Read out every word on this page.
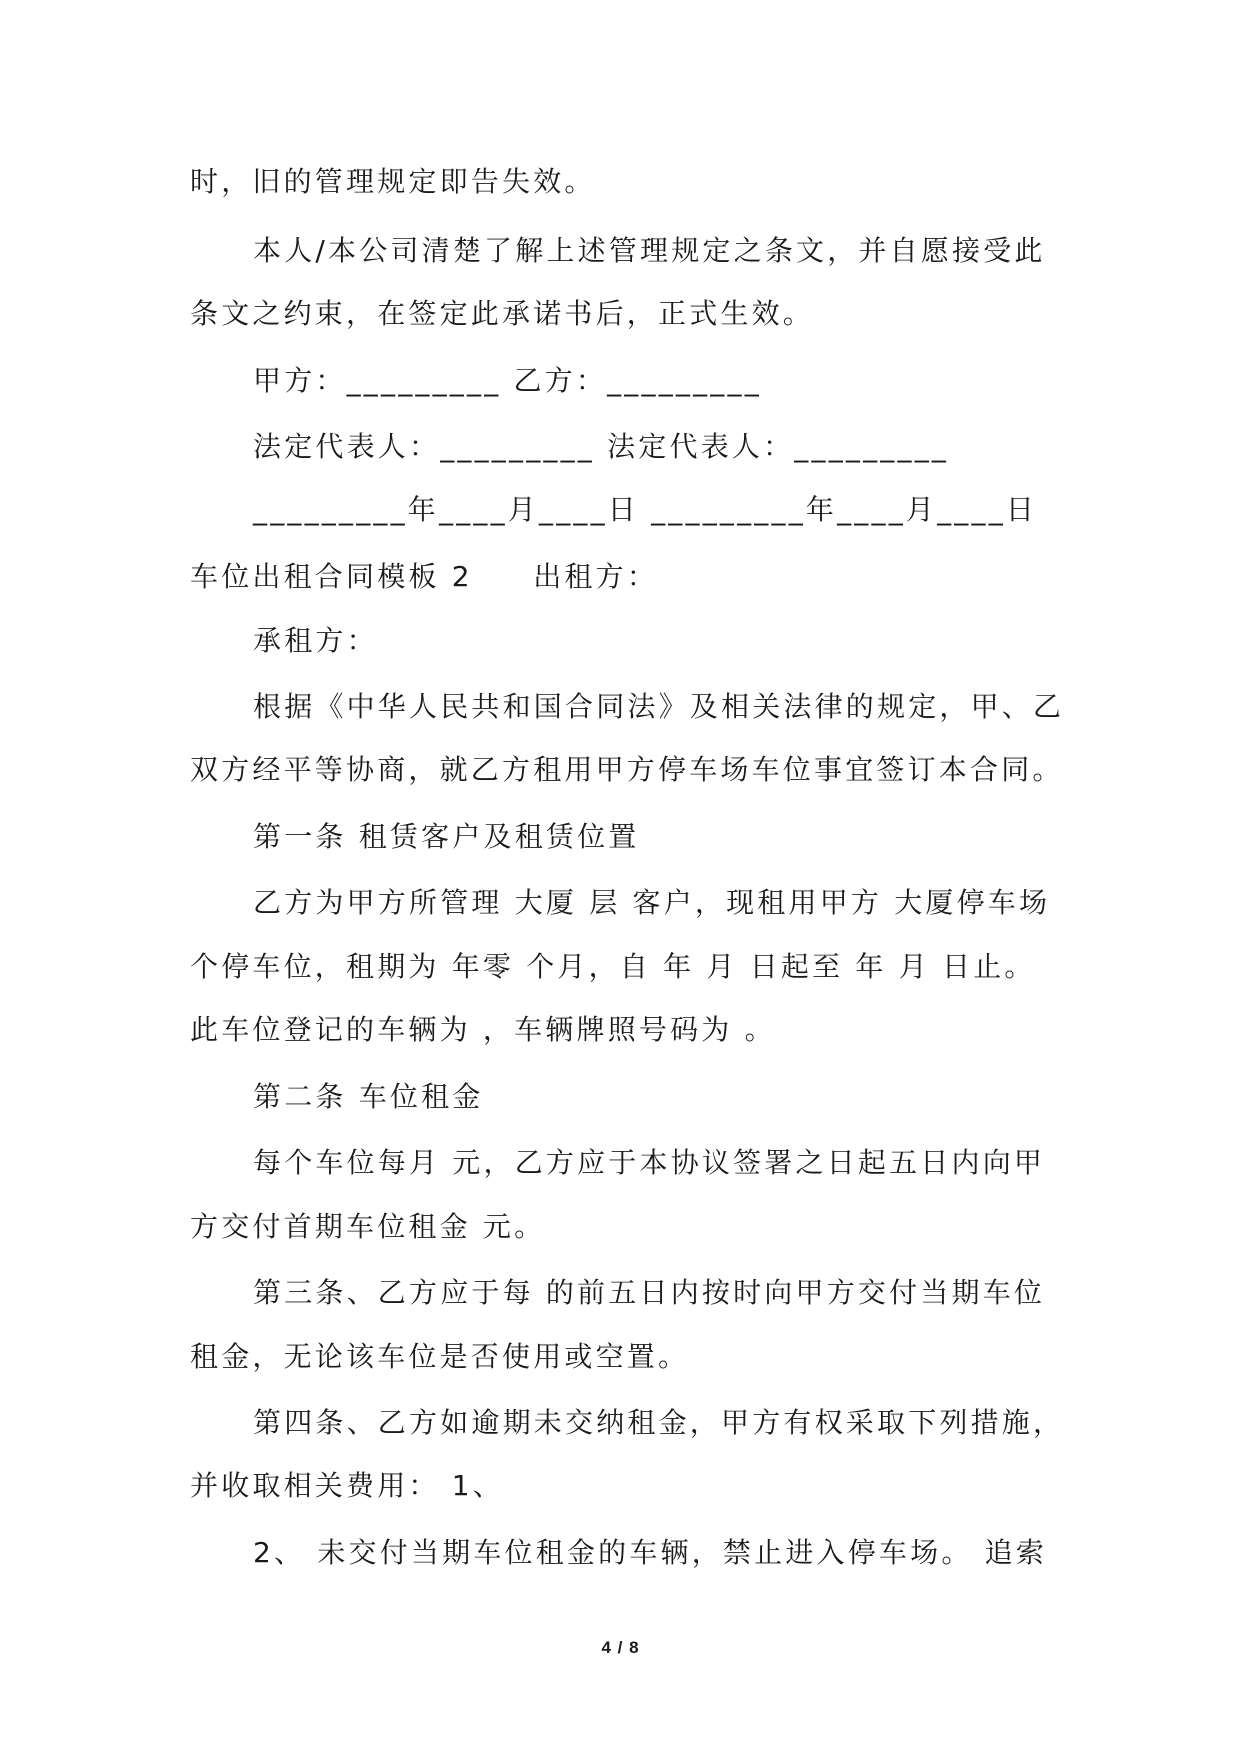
时，旧的管理规定即告失效。
本人/本公司清楚了解上述管理规定之条文，并自愿接受此
条文之约束，在签定此承诺书后，正式生效。
甲方：_________ 乙方：_________
法定代表人：_________ 法定代表人：_________
_________年____月____日 _________年____月____日
车位出租合同模板 2     出租方：
承租方：
根据《中华人民共和国合同法》及相关法律的规定，甲、乙
双方经平等协商，就乙方租用甲方停车场车位事宜签订本合同。
第一条 租赁客户及租赁位置
乙方为甲方所管理 大厦 层 客户，现租用甲方 大厦停车场
个停车位，租期为 年零 个月，自 年 月 日起至 年 月 日止。
此车位登记的车辆为 ，车辆牌照号码为 。
第二条 车位租金
每个车位每月 元，乙方应于本协议签署之日起五日内向甲
方交付首期车位租金 元。
第三条、乙方应于每 的前五日内按时向甲方交付当期车位
租金，无论该车位是否使用或空置。
第四条、乙方如逾期未交纳租金，甲方有权采取下列措施，
并收取相关费用： 1、
2、 未交付当期车位租金的车辆，禁止进入停车场。 追索
4 / 8
